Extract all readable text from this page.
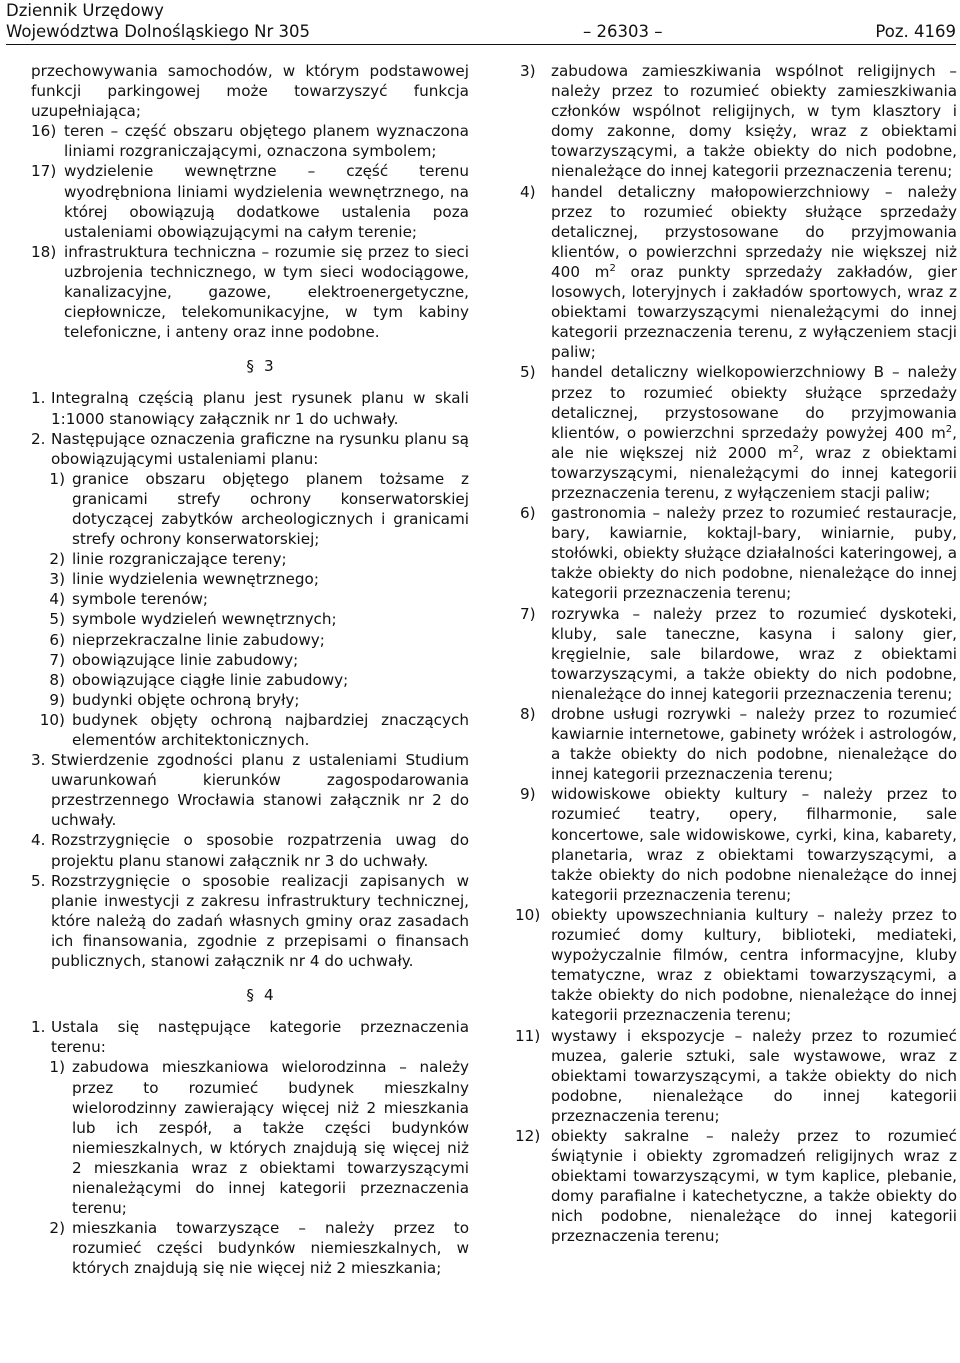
Dziennik Urzędowy
Województwa Dolnośląskiego Nr 305	– 26303 –	Poz. 4169

przechowywania samochodów, w którym podstawowej funkcji parkingowej może towarzyszyć funkcja uzupełniająca;

16) teren – część obszaru objętego planem wyznaczona liniami rozgraniczającymi, oznaczona symbolem;
17) wydzielenie wewnętrzne – część terenu wyodrębniona liniami wydzielenia wewnętrznego, na której obowiązują dodatkowe ustalenia poza ustaleniami obowiązującymi na całym terenie;
18) infrastruktura techniczna – rozumie się przez to sieci uzbrojenia technicznego, w tym sieci wodociągowe, kanalizacyjne, gazowe, elektroenergetyczne, ciepłownicze, telekomunikacyjne, w tym kabiny telefoniczne, i anteny oraz inne podobne.
§ 3
1. Integralną częścią planu jest rysunek planu w skali 1:1000 stanowiący załącznik nr 1 do uchwały.
2. Następujące oznaczenia graficzne na rysunku planu są obowiązującymi ustaleniami planu:
1) granice obszaru objętego planem tożsame z granicami strefy ochrony konserwatorskiej dotyczącej zabytków archeologicznych i granicami strefy ochrony konserwatorskiej;
2) linie rozgraniczające tereny;
3) linie wydzielenia wewnętrznego;
4) symbole terenów;
5) symbole wydzieleń wewnętrznych;
6) nieprzekraczalne linie zabudowy;
7) obowiązujące linie zabudowy;
8) obowiązujące ciągłe linie zabudowy;
9) budynki objęte ochroną bryły;
10) budynek objęty ochroną najbardziej znaczących elementów architektonicznych.
3. Stwierdzenie zgodności planu z ustaleniami Studium uwarunkowań kierunków zagospodarowania przestrzennego Wrocławia stanowi załącznik nr 2 do uchwały.
4. Rozstrzygnięcie o sposobie rozpatrzenia uwag do projektu planu stanowi załącznik nr 3 do uchwały.
5. Rozstrzygnięcie o sposobie realizacji zapisanych w planie inwestycji z zakresu infrastruktury technicznej, które należą do zadań własnych gminy oraz zasadach ich finansowania, zgodnie z przepisami o finansach publicznych, stanowi załącznik nr 4 do uchwały.
§ 4
1. Ustala się następujące kategorie przeznaczenia terenu:
1) zabudowa mieszkaniowa wielorodzinna – należy przez to rozumieć budynek mieszkalny wielorodzinny zawierający więcej niż 2 mieszkania lub ich zespół, a także części budynków niemieszkalnych, w których znajdują się więcej niż 2 mieszkania wraz z obiektami towarzyszącymi nienależącymi do innej kategorii przeznaczenia terenu;
2) mieszkania towarzyszące – należy przez to rozumieć części budynków niemieszkalnych, w których znajdują się nie więcej niż 2 mieszkania;
3)	zabudowa zamieszkiwania wspólnot religijnych – należy przez to rozumieć obiekty zamieszkiwania członków wspólnot religijnych, w tym klasztory i domy zakonne, domy księży, wraz z obiektami towarzyszącymi, a także obiekty do nich podobne, nienależące do innej kategorii przeznaczenia terenu;
4)	handel detaliczny małopowierzchniowy – należy przez to rozumieć obiekty służące sprzedaży detalicznej, przystosowane do przyjmowania klientów, o powierzchni sprzedaży nie większej niż 400 $m^2$ oraz punkty sprzedaży zakładów, gier losowych, loteryjnych i zakładów sportowych, wraz z obiektami towarzyszącymi nienależącymi do innej kategorii przeznaczenia terenu, z wyłączeniem stacji paliw;
5)	handel detaliczny wielkopowierzchniowy B – należy przez to rozumieć obiekty służące sprzedaży detalicznej, przystosowane do przyjmowania klientów, o powierzchni sprzedaży powyżej 400 $m^2$, ale nie większej niż 2000 $m^2$, wraz z obiektami towarzyszącymi, nienależącymi do innej kategorii przeznaczenia terenu, z wyłączeniem stacji paliw;
6)	gastronomia – należy przez to rozumieć restauracje, bary, kawiarnie, koktajl-bary, winiarnie, puby, stołówki, obiekty służące działalności kateringowej, a także obiekty do nich podobne, nienależące do innej kategorii przeznaczenia terenu;
7)	rozrywka – należy przez to rozumieć dyskoteki, kluby, sale taneczne, kasyna i salony gier, kręgielnie, sale bilardowe, wraz z obiektami towarzyszącymi, a także obiekty do nich podobne, nienależące do innej kategorii przeznaczenia terenu;
8)	drobne usługi rozrywki – należy przez to rozumieć kawiarnie internetowe, gabinety wróżek i astrologów, a także obiekty do nich podobne, nienależące do innej kategorii przeznaczenia terenu;
9)	widowiskowe obiekty kultury – należy przez to rozumieć teatry, opery, filharmonie, sale koncertowe, sale widowiskowe, cyrki, kina, kabarety, planetaria, wraz z obiektami towarzyszącymi, a także obiekty do nich podobne nienależące do innej kategorii przeznaczenia terenu;
10) obiekty upowszechniania kultury – należy przez to rozumieć domy kultury, biblioteki, mediateki, wypożyczalnie filmów, centra informacyjne, kluby tematyczne, wraz z obiektami towarzyszącymi, a także obiekty do nich podobne, nienależące do innej kategorii przeznaczenia terenu;
11) wystawy i ekspozycje – należy przez to rozumieć muzea, galerie sztuki, sale wystawowe, wraz z obiektami towarzyszącymi, a także obiekty do nich podobne, nienależące do innej kategorii przeznaczenia terenu;
12) obiekty sakralne – należy przez to rozumieć świątynie i obiekty zgromadzeń religijnych wraz z obiektami towarzyszącymi, w tym kaplice, plebanie, domy parafialne i katechetyczne, a także obiekty do nich podobne, nienależące do innej kategorii przeznaczenia terenu;
